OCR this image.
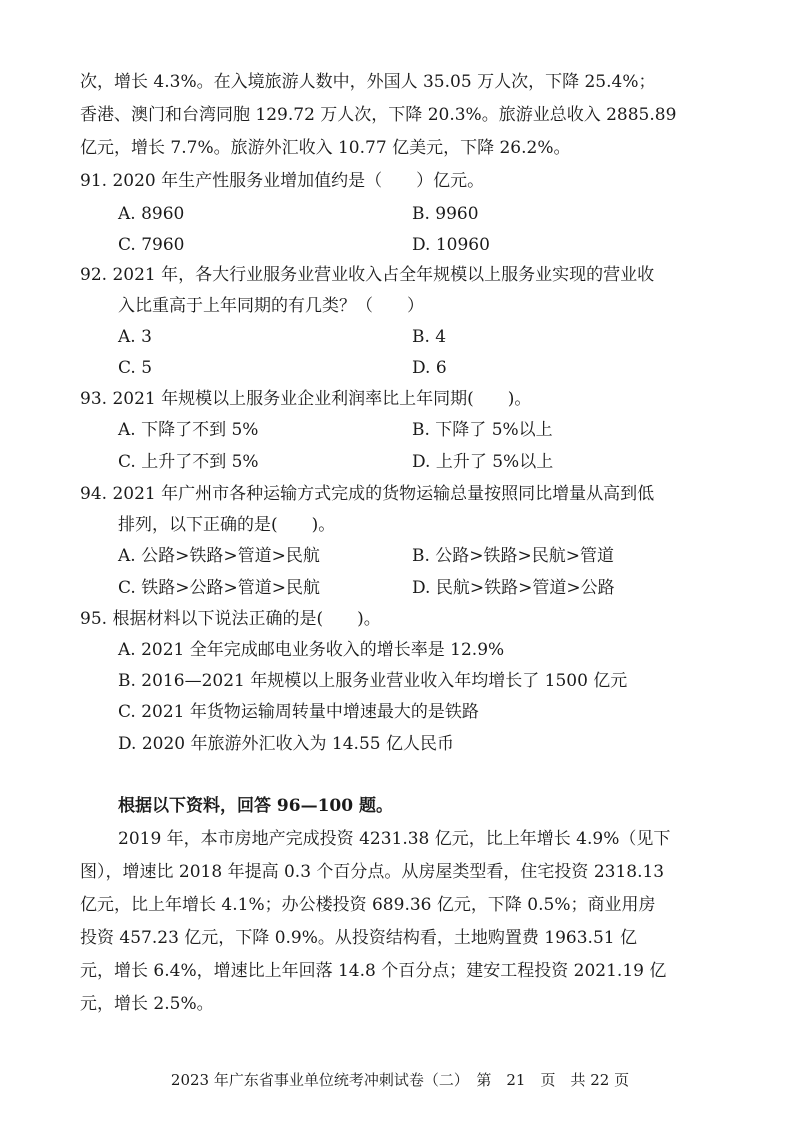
次，增长 4.3%。在入境旅游人数中，外国人 35.05 万人次，下降 25.4%；
香港、澳门和台湾同胞 129.72 万人次，下降 20.3%。旅游业总收入 2885.89
亿元，增长 7.7%。旅游外汇收入 10.77 亿美元，下降 26.2%。
91. 2020 年生产性服务业增加值约是（　　）亿元。
A. 8960	B. 9960
C. 7960	D. 10960
92. 2021 年，各大行业服务业营业收入占全年规模以上服务业实现的营业收
入比重高于上年同期的有几类？（　　）
A. 3	B. 4
C. 5	D. 6
93. 2021 年规模以上服务业企业利润率比上年同期(　　)。
A. 下降了不到 5%	B. 下降了 5%以上
C. 上升了不到 5%	D. 上升了 5%以上
94. 2021 年广州市各种运输方式完成的货物运输总量按照同比增量从高到低
排列，以下正确的是(　　)。
A. 公路>铁路>管道>民航	B. 公路>铁路>民航>管道
C. 铁路>公路>管道>民航	D. 民航>铁路>管道>公路
95. 根据材料以下说法正确的是(　　)。
A. 2021 全年完成邮电业务收入的增长率是 12.9%
B. 2016—2021 年规模以上服务业营业收入年均增长了 1500 亿元
C. 2021 年货物运输周转量中增速最大的是铁路
D. 2020 年旅游外汇收入为 14.55 亿人民币
根据以下资料，回答 96—100 题。
2019 年，本市房地产完成投资 4231.38 亿元，比上年增长 4.9%（见下
图），增速比 2018 年提高 0.3 个百分点。从房屋类型看，住宅投资 2318.13
亿元，比上年增长 4.1%；办公楼投资 689.36 亿元，下降 0.5%；商业用房
投资 457.23 亿元，下降 0.9%。从投资结构看，土地购置费 1963.51 亿
元，增长 6.4%，增速比上年回落 14.8 个百分点；建安工程投资 2021.19 亿
元，增长 2.5%。
2023 年广东省事业单位统考冲刺试卷（二）　第　21　页　共 22 页
